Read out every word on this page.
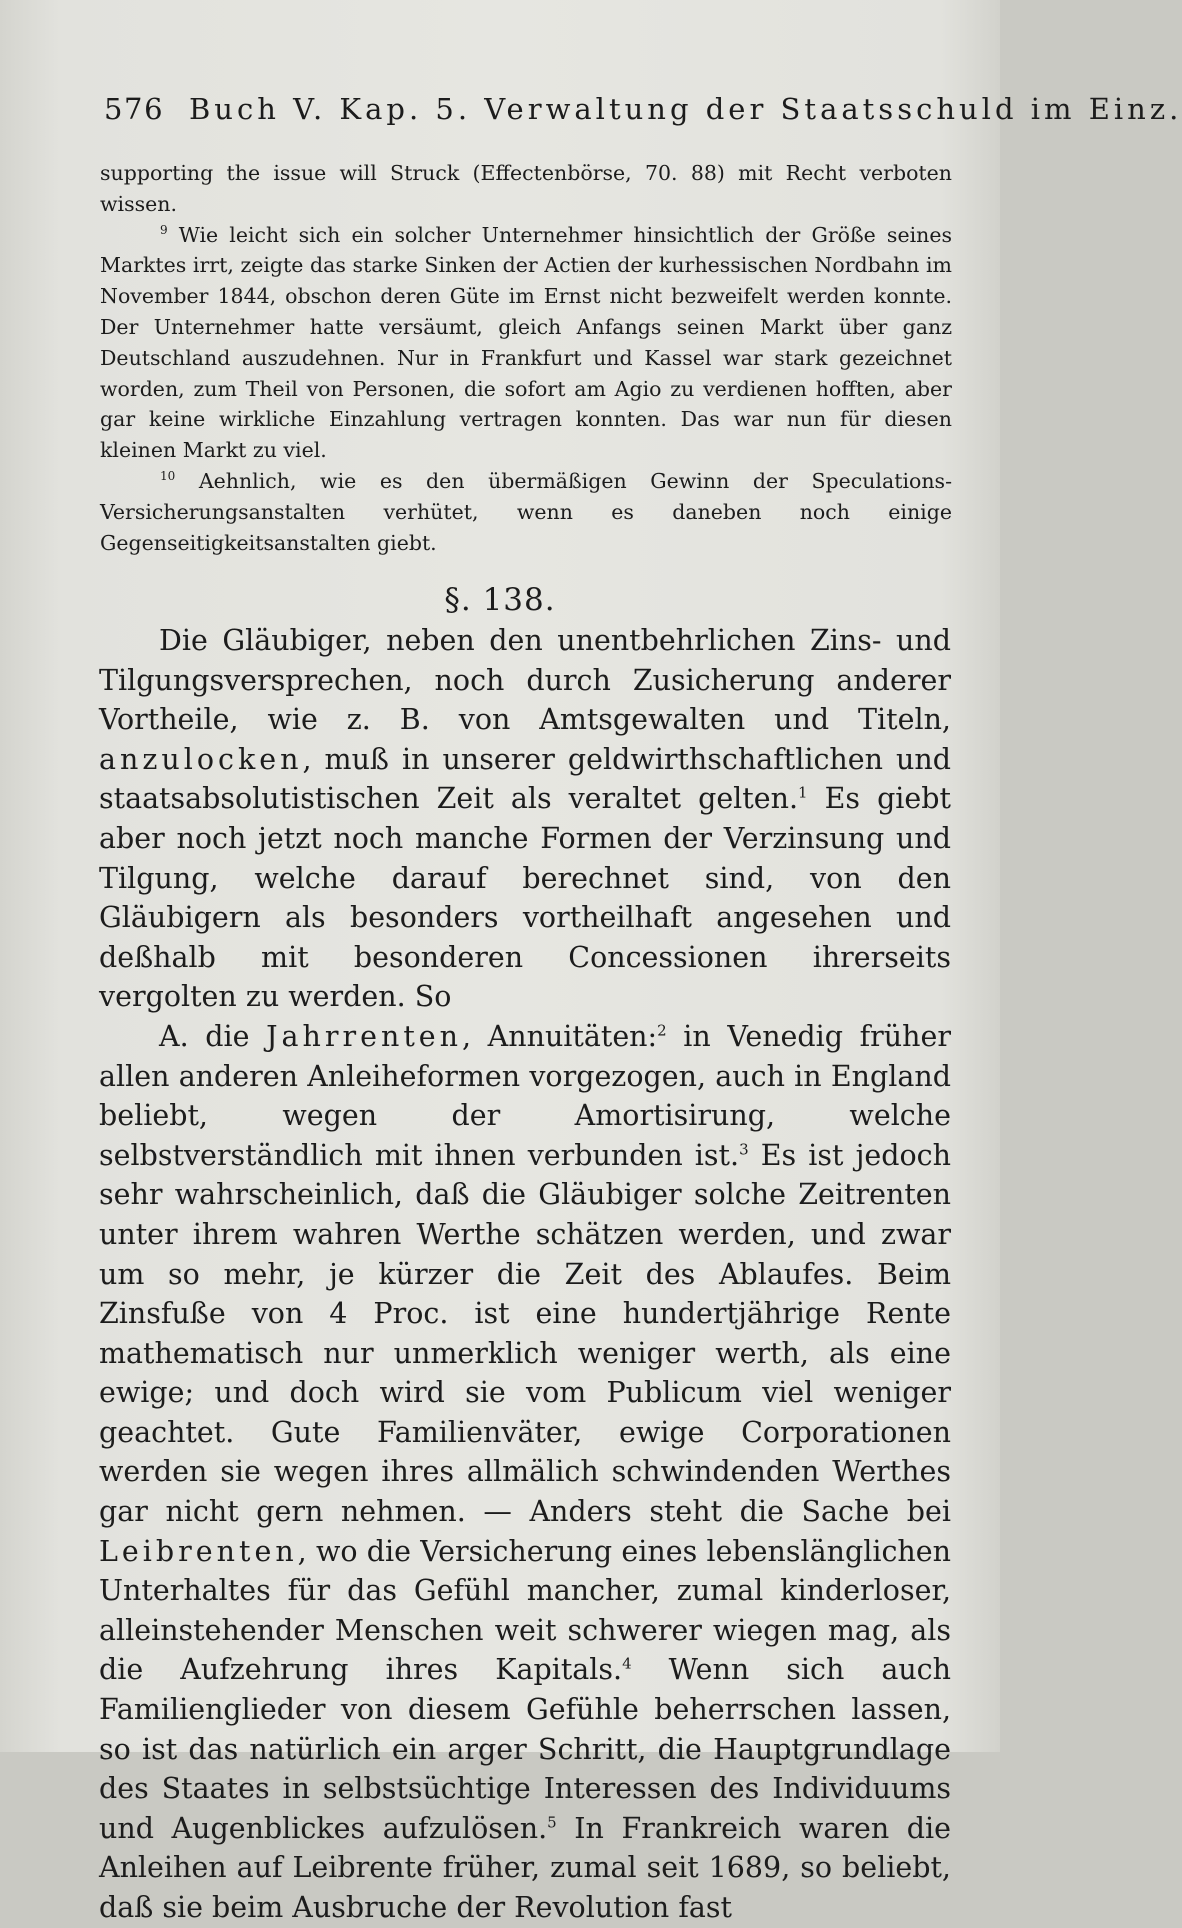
576 Buch V. Kap. 5. Verwaltung der Staatsschuld im Einz.

supporting the issue will Struck (Effectenbörse, 70. 88) mit Recht verboten wissen.

$^9$ Wie leicht sich ein solcher Unternehmer hinsichtlich der Größe seines Marktes irrt, zeigte das starke Sinken der Actien der kurhessischen Nordbahn im November 1844, obschon deren Güte im Ernst nicht bezweifelt werden konnte. Der Unternehmer hatte versäumt, gleich Anfangs seinen Markt über ganz Deutschland auszudehnen. Nur in Frankfurt und Kassel war stark gezeichnet worden, zum Theil von Personen, die sofort am Agio zu verdienen hofften, aber gar keine wirkliche Einzahlung vertragen konnten. Das war nun für diesen kleinen Markt zu viel.

$^{10}$ Aehnlich, wie es den übermäßigen Gewinn der Speculations-Versicherungsanstalten verhütet, wenn es daneben noch einige Gegenseitigkeitsanstalten giebt.

§. 138.

Die Gläubiger, neben den unentbehrlichen Zins- und Tilgungsversprechen, noch durch Zusicherung anderer Vortheile, wie z. B. von Amtsgewalten und Titeln, anzulocken, muß in unserer geldwirthschaftlichen und staatsabsolutistischen Zeit als veraltet gelten.$^1$ Es giebt aber noch jetzt noch manche Formen der Verzinsung und Tilgung, welche darauf berechnet sind, von den Gläubigern als besonders vortheilhaft angesehen und deßhalb mit besonderen Concessionen ihrerseits vergolten zu werden. So

A. die Jahrrenten, Annuitäten:$^2$ in Venedig früher allen anderen Anleiheformen vorgezogen, auch in England beliebt, wegen der Amortisirung, welche selbstverständlich mit ihnen verbunden ist.$^3$ Es ist jedoch sehr wahrscheinlich, daß die Gläubiger solche Zeitrenten unter ihrem wahren Werthe schätzen werden, und zwar um so mehr, je kürzer die Zeit des Ablaufes. Beim Zinsfuße von 4 Proc. ist eine hundertjährige Rente mathematisch nur unmerklich weniger werth, als eine ewige; und doch wird sie vom Publicum viel weniger geachtet. Gute Familienväter, ewige Corporationen werden sie wegen ihres allmälich schwindenden Werthes gar nicht gern nehmen. — Anders steht die Sache bei Leibrenten, wo die Versicherung eines lebenslänglichen Unterhaltes für das Gefühl mancher, zumal kinderloser, alleinstehender Menschen weit schwerer wiegen mag, als die Aufzehrung ihres Kapitals.$^4$ Wenn sich auch Familienglieder von diesem Gefühle beherrschen lassen, so ist das natürlich ein arger Schritt, die Hauptgrundlage des Staates in selbstsüchtige Interessen des Individuums und Augenblickes aufzulösen.$^5$ In Frankreich waren die Anleihen auf Leibrente früher, zumal seit 1689, so beliebt, daß sie beim Ausbruche der Revolution fast
